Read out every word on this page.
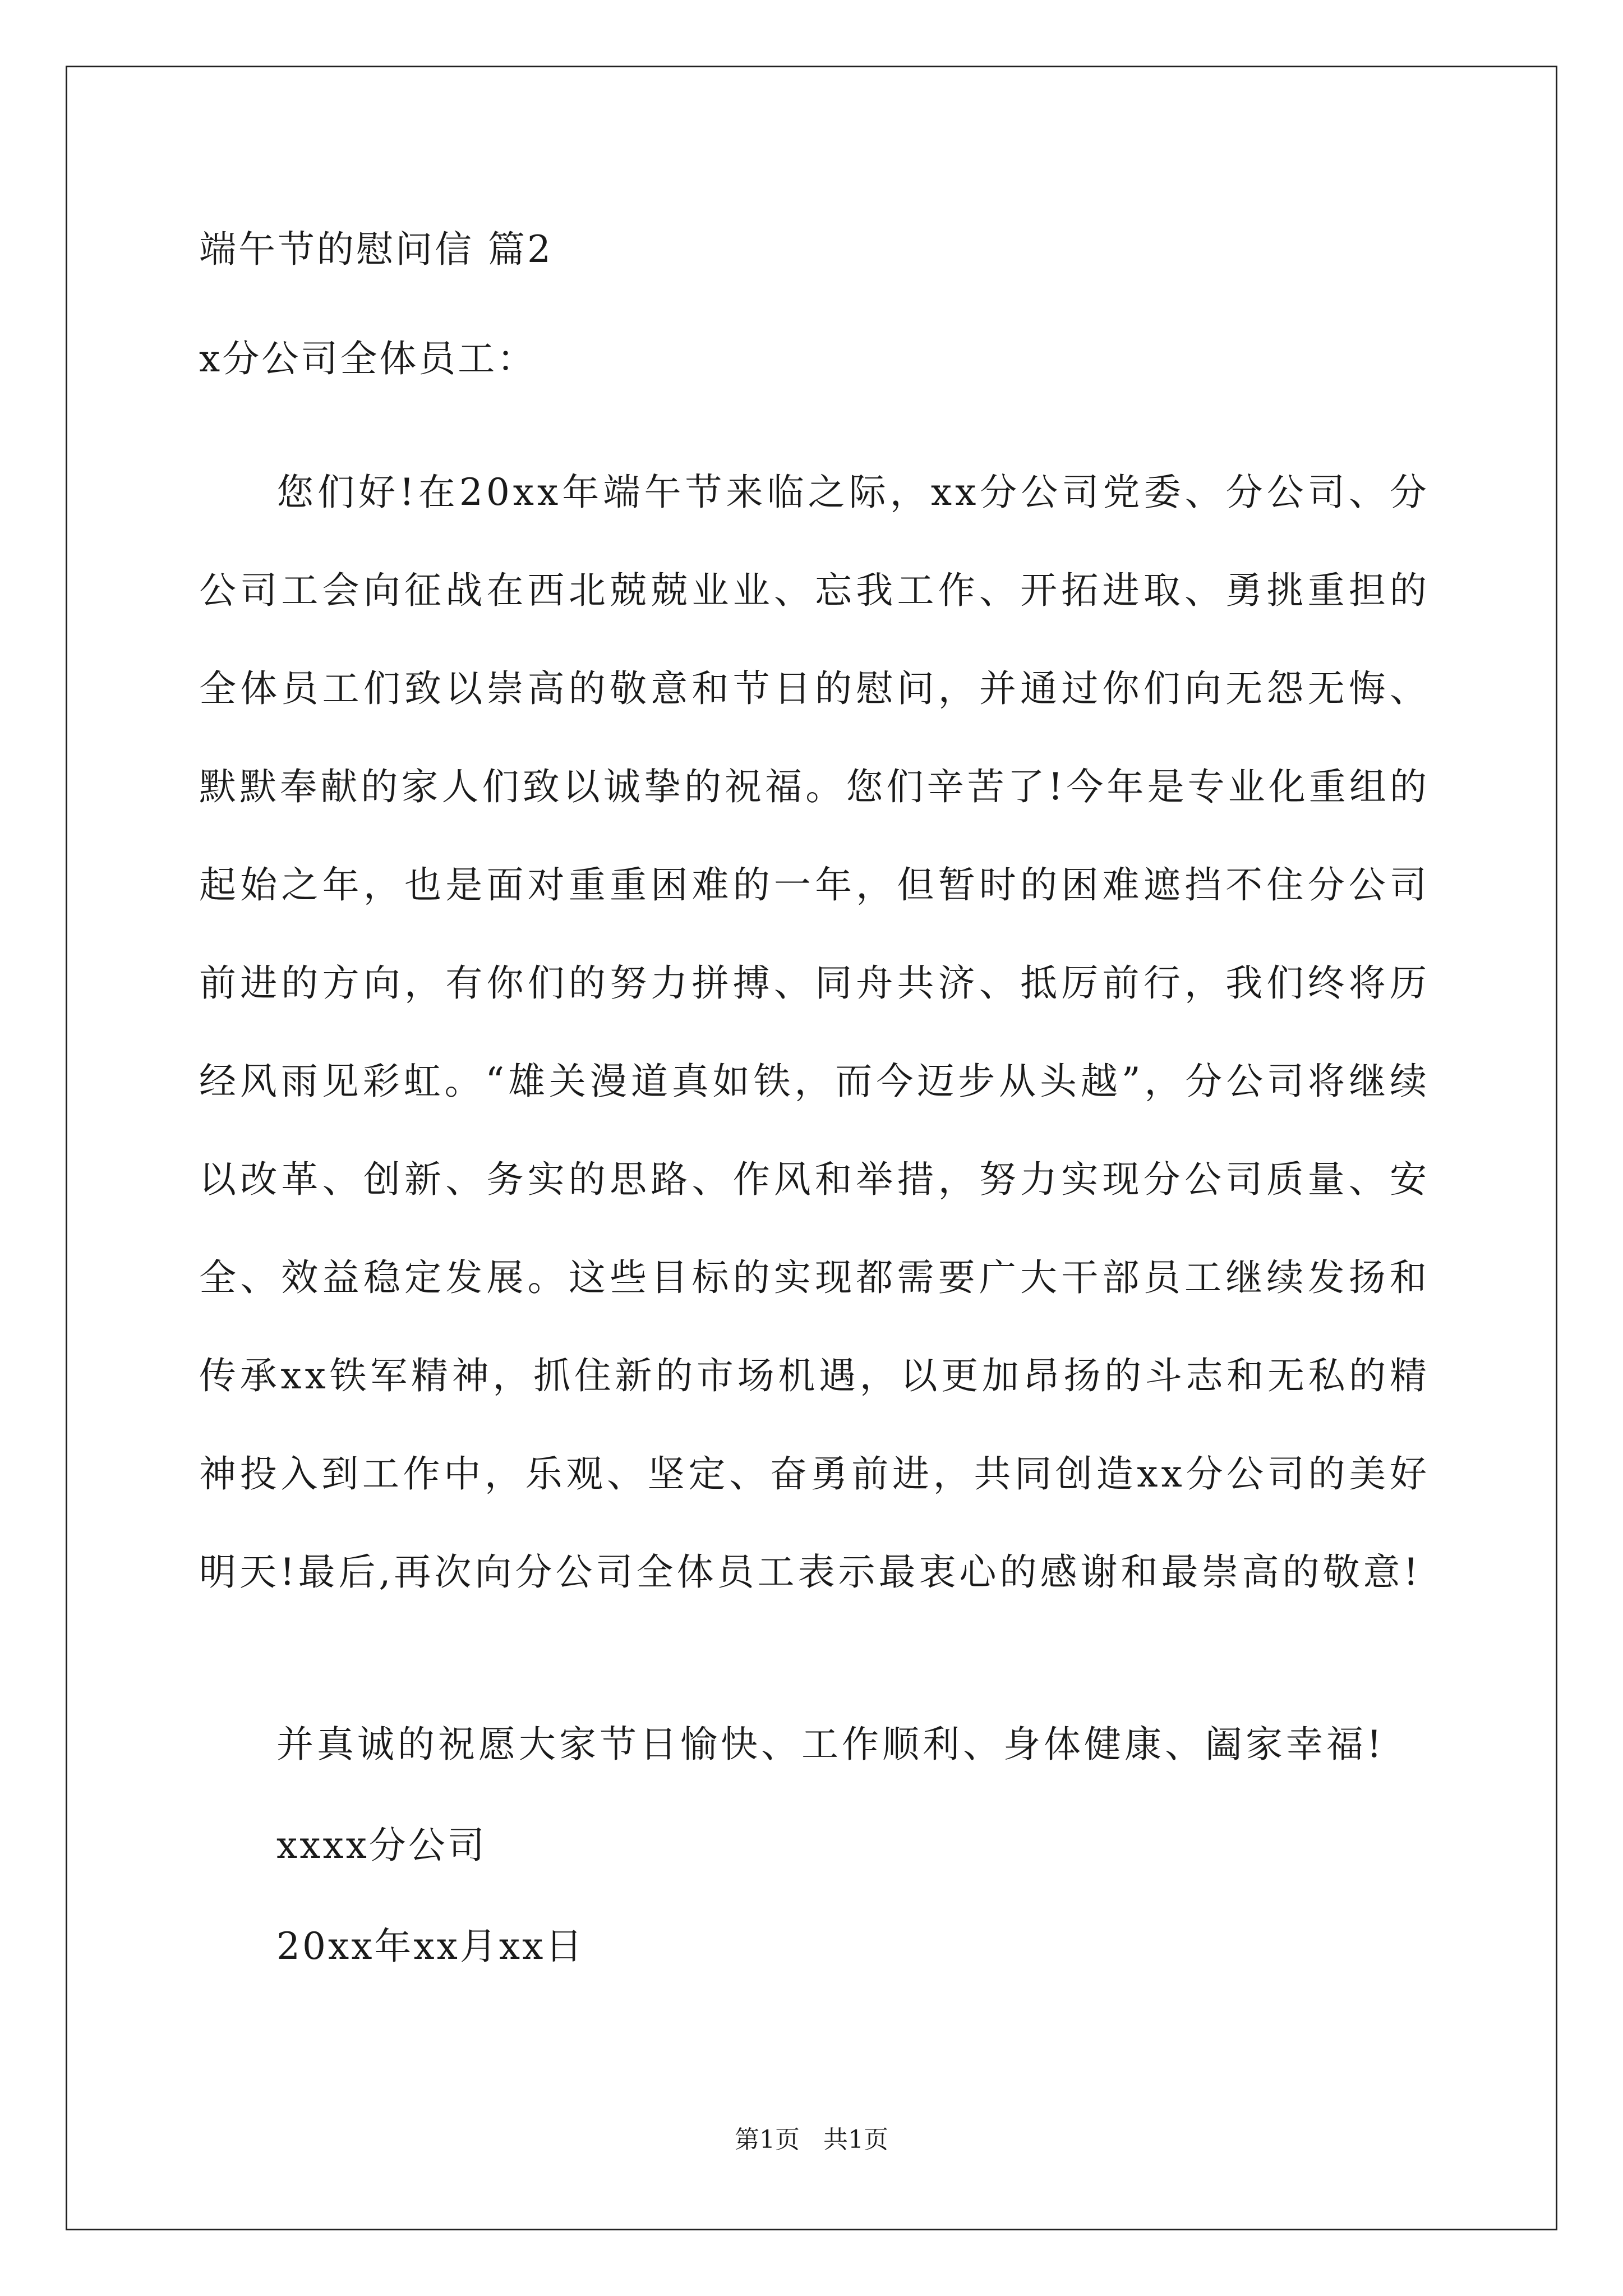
端午节的慰问信 篇2
x分公司全体员工：
您们好!在20xx年端午节来临之际，xx分公司党委、分公司、分
公司工会向征战在西北兢兢业业、忘我工作、开拓进取、勇挑重担的
全体员工们致以崇高的敬意和节日的慰问，并通过你们向无怨无悔、
默默奉献的家人们致以诚挚的祝福。您们辛苦了!今年是专业化重组的
起始之年，也是面对重重困难的一年，但暂时的困难遮挡不住分公司
前进的方向，有你们的努力拼搏、同舟共济、抵厉前行，我们终将历
经风雨见彩虹。“雄关漫道真如铁，而今迈步从头越”，分公司将继续
以改革、创新、务实的思路、作风和举措，努力实现分公司质量、安
全、效益稳定发展。这些目标的实现都需要广大干部员工继续发扬和
传承xx铁军精神，抓住新的市场机遇，以更加昂扬的斗志和无私的精
神投入到工作中，乐观、坚定、奋勇前进，共同创造xx分公司的美好
明天!最后,再次向分公司全体员工表示最衷心的感谢和最崇高的敬意!
并真诚的祝愿大家节日愉快、工作顺利、身体健康、阖家幸福!
xxxx分公司
20xx年xx月xx日
第1页   共1页
